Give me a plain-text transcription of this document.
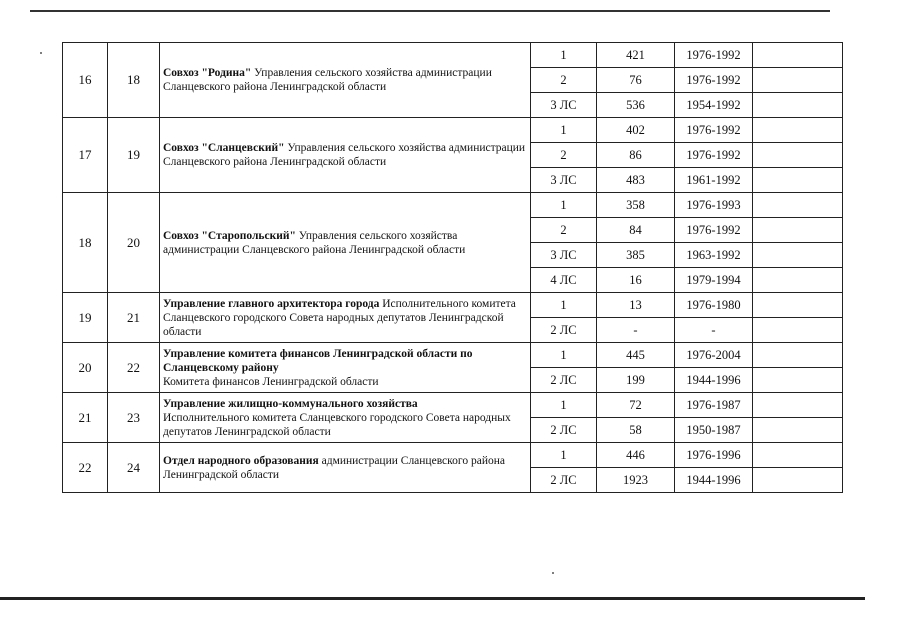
16	18	Совхоз "Родина" Управления сельского хозяйства администрации Сланцевского района Ленинградской области	1	421	1976-1992	
			2	76	1976-1992	
			3 ЛС	536	1954-1992	
17	19	Совхоз "Сланцевский" Управления сельского хозяйства администрации Сланцевского района Ленинградской области	1	402	1976-1992	
			2	86	1976-1992	
			3 ЛС	483	1961-1992	
18	20	Совхоз "Старопольский" Управления сельского хозяйства администрации Сланцевского района Ленинградской области	1	358	1976-1993	
			2	84	1976-1992	
			3 ЛС	385	1963-1992	
			4 ЛС	16	1979-1994	
19	21	Управление главного архитектора города Исполнительного комитета Сланцевского городского Совета народных депутатов Ленинградской области	1	13	1976-1980	
			2 ЛС	-	-	
20	22	Управление комитета финансов Ленинградской области по Сланцевскому району
Комитета финансов Ленинградской области	1	445	1976-2004	
			2 ЛС	199	1944-1996	
21	23	Управление жилищно-коммунального хозяйства
Исполнительного комитета Сланцевского городского Совета народных депутатов Ленинградской области	1	72	1976-1987	
			2 ЛС	58	1950-1987	
22	24	Отдел народного образования администрации Сланцевского района Ленинградской области	1	446	1976-1996	
			2 ЛС	1923	1944-1996	
